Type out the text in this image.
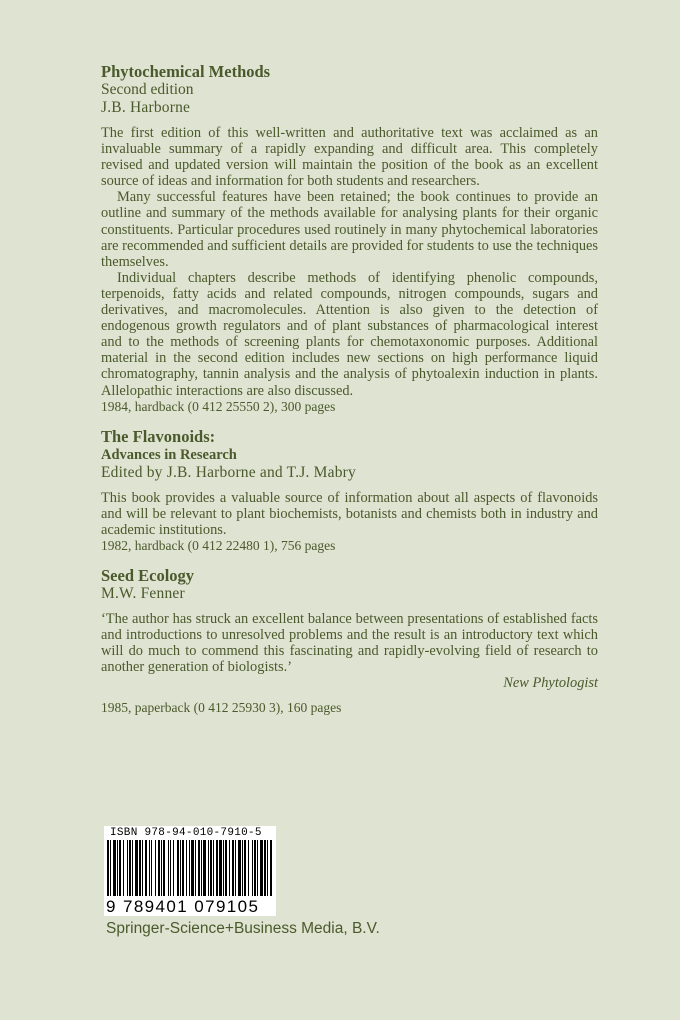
Phytochemical Methods

Second edition

J.B. Harborne

The first edition of this well-written and authoritative text was acclaimed as an invaluable summary of a rapidly expanding and difficult area. This completely revised and updated version will maintain the position of the book as an excellent source of ideas and information for both students and researchers.

Many successful features have been retained; the book continues to provide an outline and summary of the methods available for analysing plants for their organic constituents. Particular procedures used routinely in many phytochemical laboratories are recommended and sufficient details are provided for students to use the techniques themselves.

Individual chapters describe methods of identifying phenolic compounds, terpenoids, fatty acids and related compounds, nitrogen compounds, sugars and derivatives, and macromolecules. Attention is also given to the detection of endogenous growth regulators and of plant substances of pharmacological interest and to the methods of screening plants for chemotaxonomic purposes. Additional material in the second edition includes new sections on high performance liquid chromatography, tannin analysis and the analysis of phytoalexin induction in plants. Allelopathic interactions are also discussed.

1984, hardback (0 412 25550 2), 300 pages

The Flavonoids:

Advances in Research

Edited by J.B. Harborne and T.J. Mabry

This book provides a valuable source of information about all aspects of flavonoids and will be relevant to plant biochemists, botanists and chemists both in industry and academic institutions.

1982, hardback (0 412 22480 1), 756 pages

Seed Ecology

M.W. Fenner

‘The author has struck an excellent balance between presentations of established facts and introductions to unresolved problems and the result is an introductory text which will do much to commend this fascinating and rapidly-evolving field of research to another generation of biologists.’

New Phytologist

1985, paperback (0 412 25930 3), 160 pages

ISBN 978-94-010-7910-5
9 789401 079105
Springer-Science+Business Media, B.V.
